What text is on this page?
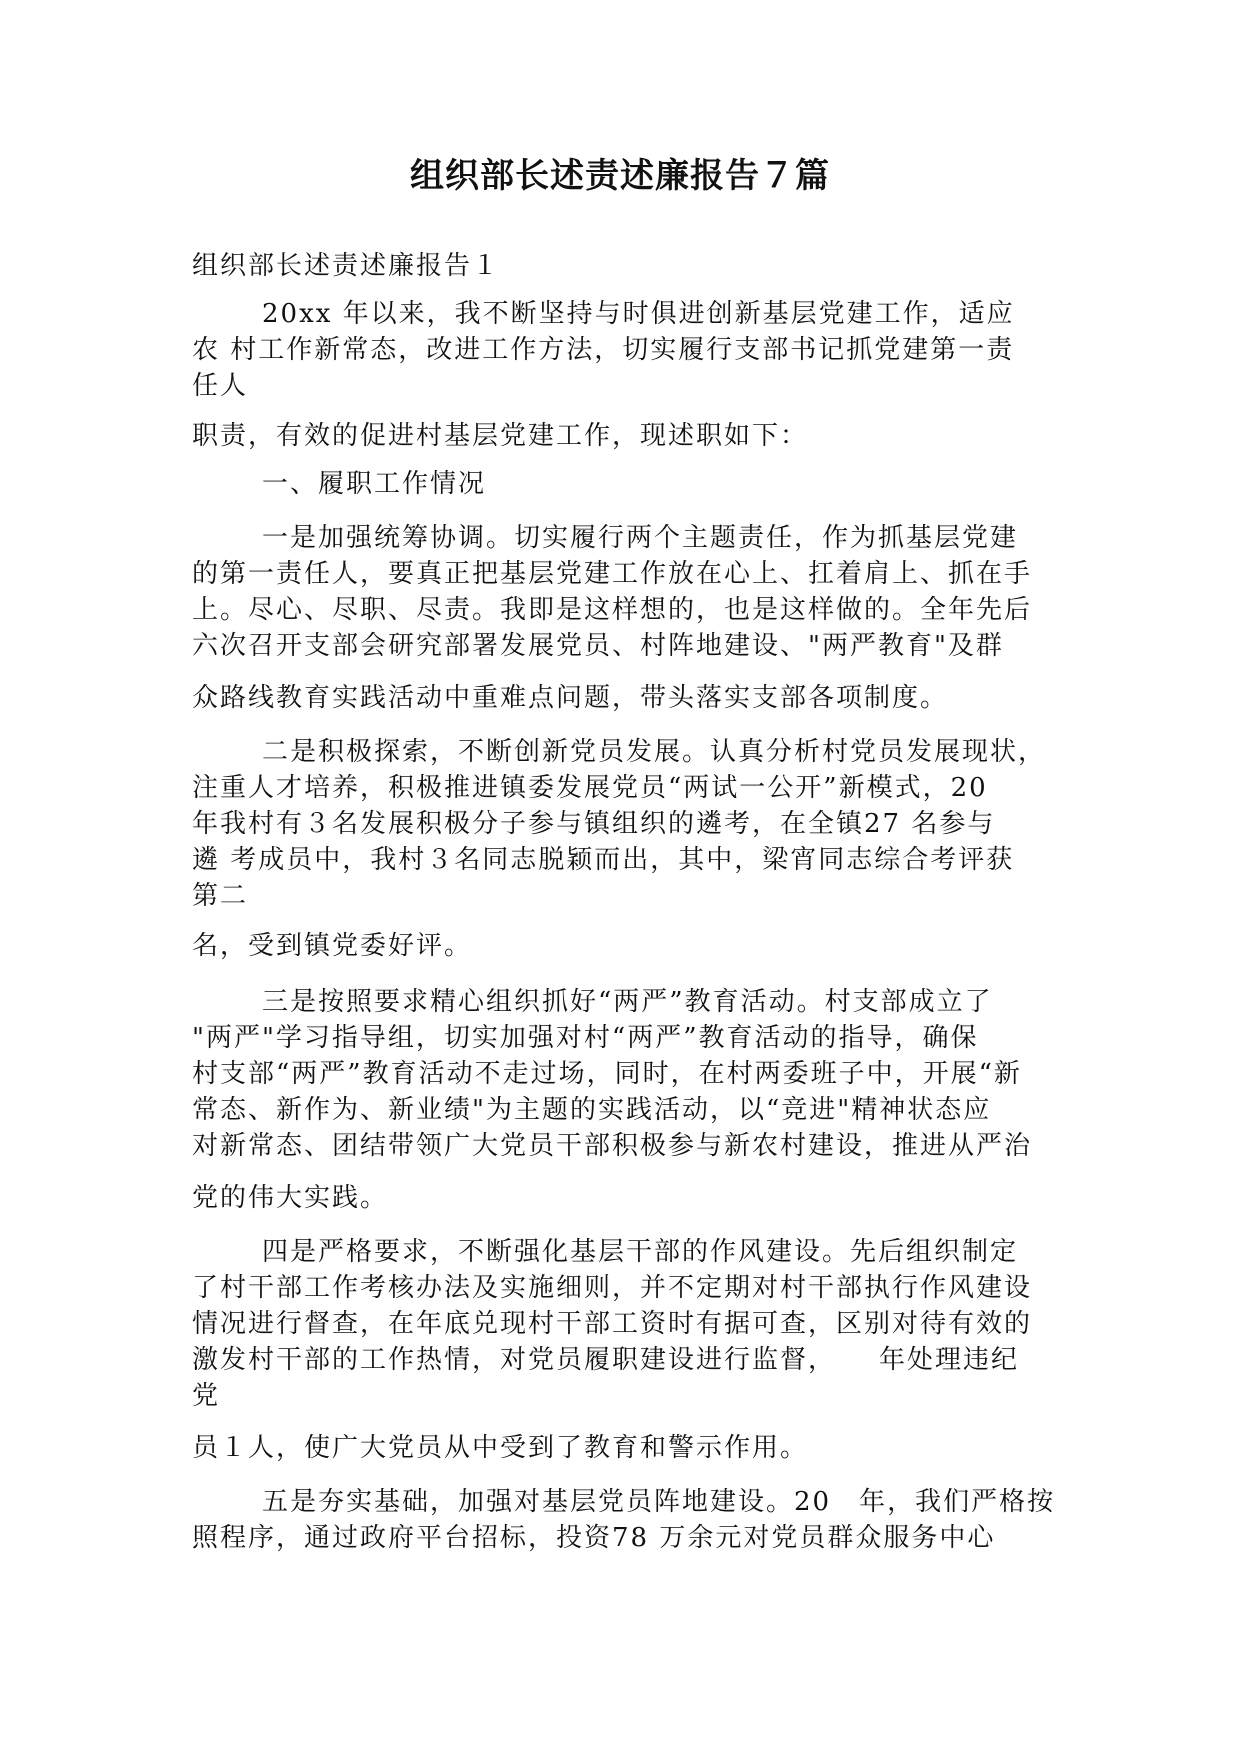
组织部长述责述廉报告７篇
组织部长述责述廉报告１
20xx 年以来，我不断坚持与时俱进创新基层党建工作，适应
农 村工作新常态，改进工作方法，切实履行支部书记抓党建第一责
任人
职责，有效的促进村基层党建工作，现述职如下：
一、履职工作情况
一是加强统筹协调。切实履行两个主题责任，作为抓基层党建
的第一责任人，要真正把基层党建工作放在心上、扛着肩上、抓在手
上。尽心、尽职、尽责。我即是这样想的，也是这样做的。全年先后
六次召开支部会研究部署发展党员、村阵地建设、"两严教育"及群
众路线教育实践活动中重难点问题，带头落实支部各项制度。
二是积极探索，不断创新党员发展。认真分析村党员发展现状，
注重人才培养，积极推进镇委发展党员“两试一公开”新模式，20
年我村有３名发展积极分子参与镇组织的遴考，在全镇27 名参与
遴 考成员中，我村３名同志脱颖而出，其中，梁宵同志综合考评获
第二
名，受到镇党委好评。
三是按照要求精心组织抓好“两严”教育活动。村支部成立了
"两严"学习指导组，切实加强对村“两严”教育活动的指导，确保
村支部“两严”教育活动不走过场，同时，在村两委班子中，开展“新
常态、新作为、新业绩"为主题的实践活动，以“竞进"精神状态应
对新常态、团结带领广大党员干部积极参与新农村建设，推进从严治
党的伟大实践。
四是严格要求，不断强化基层干部的作风建设。先后组织制定
了村干部工作考核办法及实施细则，并不定期对村干部执行作风建设
情况进行督查，在年底兑现村干部工资时有据可查，区别对待有效的
激发村干部的工作热情，对党员履职建设进行监督，　　年处理违纪
党
员１人，使广大党员从中受到了教育和警示作用。
五是夯实基础，加强对基层党员阵地建设。20　年，我们严格按
照程序，通过政府平台招标，投资78 万余元对党员群众服务中心
